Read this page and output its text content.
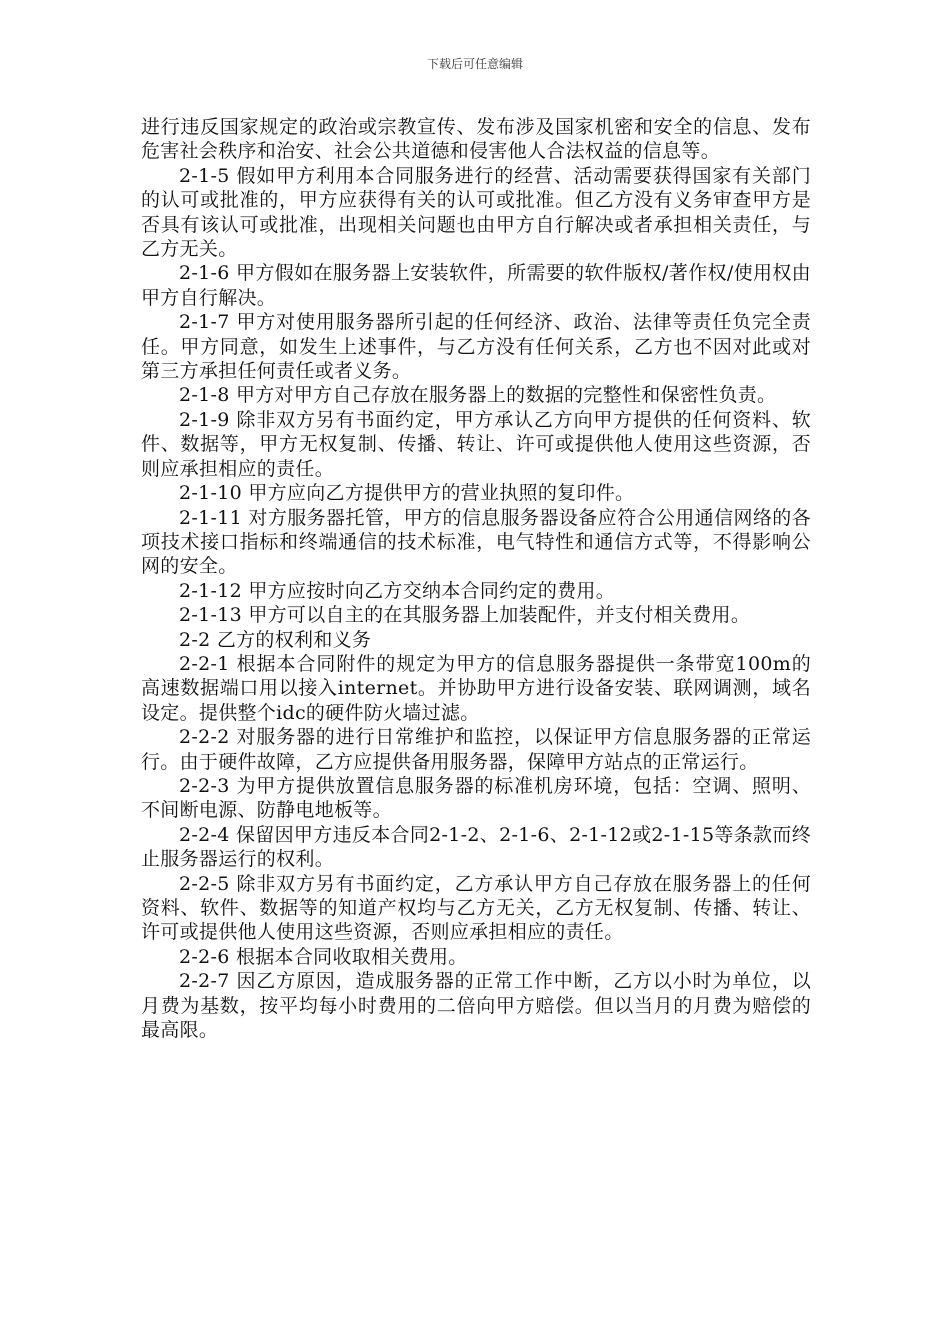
下载后可任意编辑

进行违反国家规定的政治或宗教宣传、发布涉及国家机密和安全的信息、发布危害社会秩序和治安、社会公共道德和侵害他人合法权益的信息等。

2-1-5 假如甲方利用本合同服务进行的经营、活动需要获得国家有关部门的认可或批准的，甲方应获得有关的认可或批准。但乙方没有义务审查甲方是否具有该认可或批准，出现相关问题也由甲方自行解决或者承担相关责任，与乙方无关。

2-1-6 甲方假如在服务器上安装软件，所需要的软件版权/著作权/使用权由甲方自行解决。

2-1-7 甲方对使用服务器所引起的任何经济、政治、法律等责任负完全责任。甲方同意，如发生上述事件，与乙方没有任何关系，乙方也不因对此或对第三方承担任何责任或者义务。

2-1-8 甲方对甲方自己存放在服务器上的数据的完整性和保密性负责。

2-1-9 除非双方另有书面约定，甲方承认乙方向甲方提供的任何资料、软件、数据等，甲方无权复制、传播、转让、许可或提供他人使用这些资源，否则应承担相应的责任。

2-1-10 甲方应向乙方提供甲方的营业执照的复印件。

2-1-11 对方服务器托管，甲方的信息服务器设备应符合公用通信网络的各项技术接口指标和终端通信的技术标准，电气特性和通信方式等，不得影响公网的安全。

2-1-12 甲方应按时向乙方交纳本合同约定的费用。

2-1-13 甲方可以自主的在其服务器上加装配件，并支付相关费用。

2-2 乙方的权利和义务

2-2-1 根据本合同附件的规定为甲方的信息服务器提供一条带宽100m的高速数据端口用以接入internet。并协助甲方进行设备安装、联网调测，域名设定。提供整个idc的硬件防火墙过滤。

2-2-2 对服务器的进行日常维护和监控，以保证甲方信息服务器的正常运行。由于硬件故障，乙方应提供备用服务器，保障甲方站点的正常运行。

2-2-3 为甲方提供放置信息服务器的标准机房环境，包括：空调、照明、不间断电源、防静电地板等。

2-2-4 保留因甲方违反本合同2-1-2、2-1-6、2-1-12或2-1-15等条款而终止服务器运行的权利。

2-2-5 除非双方另有书面约定，乙方承认甲方自己存放在服务器上的任何资料、软件、数据等的知道产权均与乙方无关，乙方无权复制、传播、转让、许可或提供他人使用这些资源，否则应承担相应的责任。

2-2-6 根据本合同收取相关费用。

2-2-7 因乙方原因，造成服务器的正常工作中断，乙方以小时为单位，以月费为基数，按平均每小时费用的二倍向甲方赔偿。但以当月的月费为赔偿的最高限。
